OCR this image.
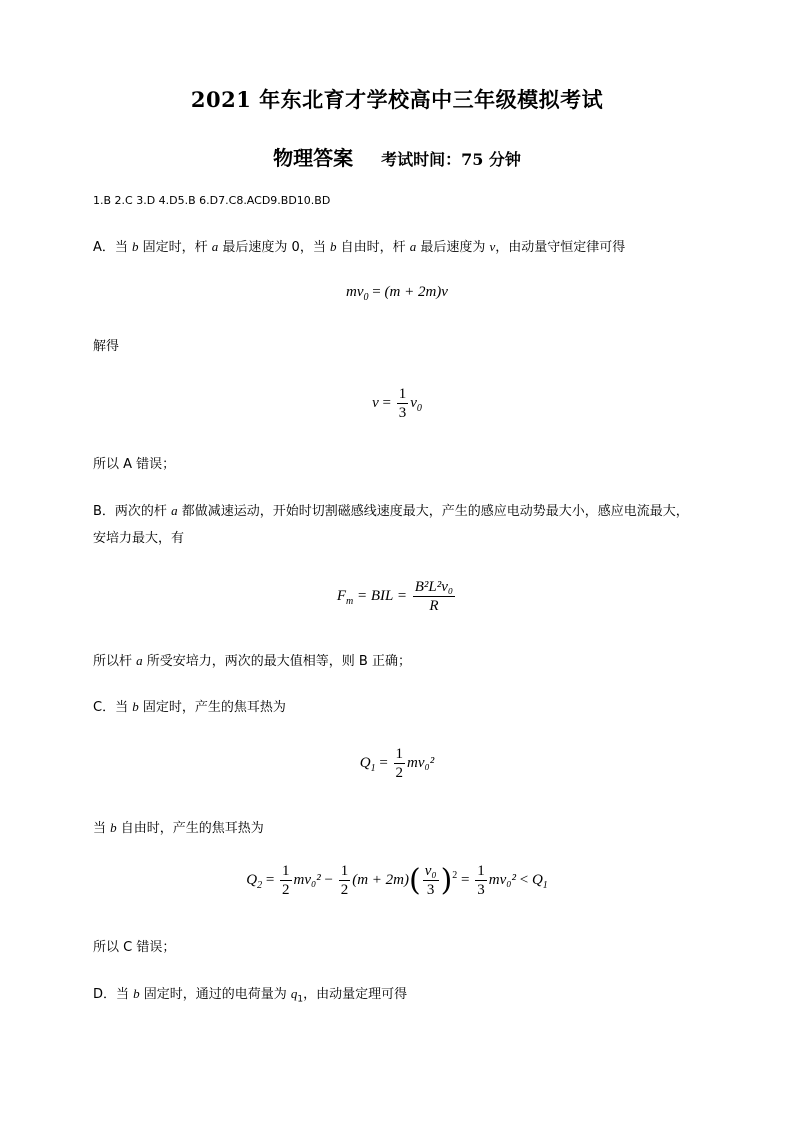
2021 年东北育才学校高中三年级模拟考试
物理答案 考试时间：75 分钟
1.B 2.C 3.D 4.D5.B 6.D7.C8.ACD9.BD10.BD
A．当 b 固定时，杆 a 最后速度为 0，当 b 自由时，杆 a 最后速度为 v，由动量守恒定律可得
$mv_0 = (m + 2m)v$
解得
$v = \frac{1}{3} v_0$
所以 A 错误；
B．两次的杆 a 都做减速运动，开始时切割磁感线速度最大，产生的感应电动势最大小，感应电流最大，
安培力最大，有
$F_m$ = BIL = $\frac{\text{B²L²v₀}}{R}$
所以杆 a 所受安培力，两次的最大值相等，则 B 正确；
C．当 b 固定时，产生的焦耳热为
$Q_1 = \frac{1}{2} mv_0^2$
当 b 自由时，产生的焦耳热为
$Q_2 = \frac{1}{2} mv_0^2 - \frac{1}{2} (m + 2m)( \frac{\text{v₀}}{3} )^2 = \frac{1}{3} mv_0^2 < Q_1$
所以 C 错误；
D．当 b 固定时，通过的电荷量为 $q_1$，由动量定理可得
